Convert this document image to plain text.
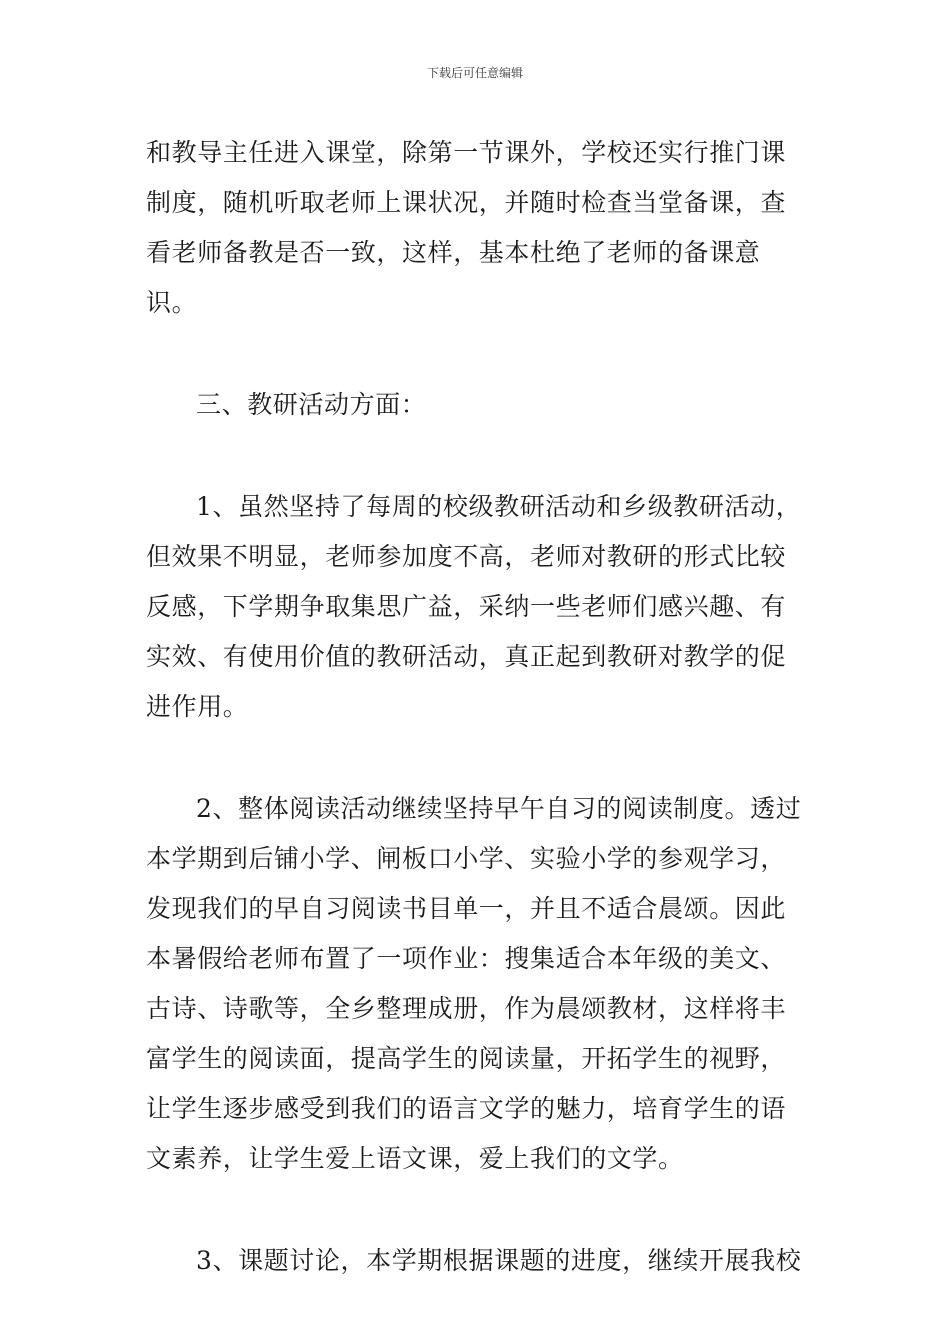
下载后可任意编辑

和教导主任进入课堂，除第一节课外，学校还实行推门课制度，随机听取老师上课状况，并随时检查当堂备课，查看老师备教是否一致，这样，基本杜绝了老师的备课意识。

三、教研活动方面：

1、虽然坚持了每周的校级教研活动和乡级教研活动，但效果不明显，老师参加度不高，老师对教研的形式比较反感，下学期争取集思广益，采纳一些老师们感兴趣、有实效、有使用价值的教研活动，真正起到教研对教学的促进作用。

2、整体阅读活动继续坚持早午自习的阅读制度。透过本学期到后铺小学、闸板口小学、实验小学的参观学习，发现我们的早自习阅读书目单一，并且不适合晨颂。因此本暑假给老师布置了一项作业：搜集适合本年级的美文、古诗、诗歌等，全乡整理成册，作为晨颂教材，这样将丰富学生的阅读面，提高学生的阅读量，开拓学生的视野，让学生逐步感受到我们的语言文学的魅力，培育学生的语文素养，让学生爱上语文课，爱上我们的文学。

3、课题讨论，本学期根据课题的进度，继续开展我校
